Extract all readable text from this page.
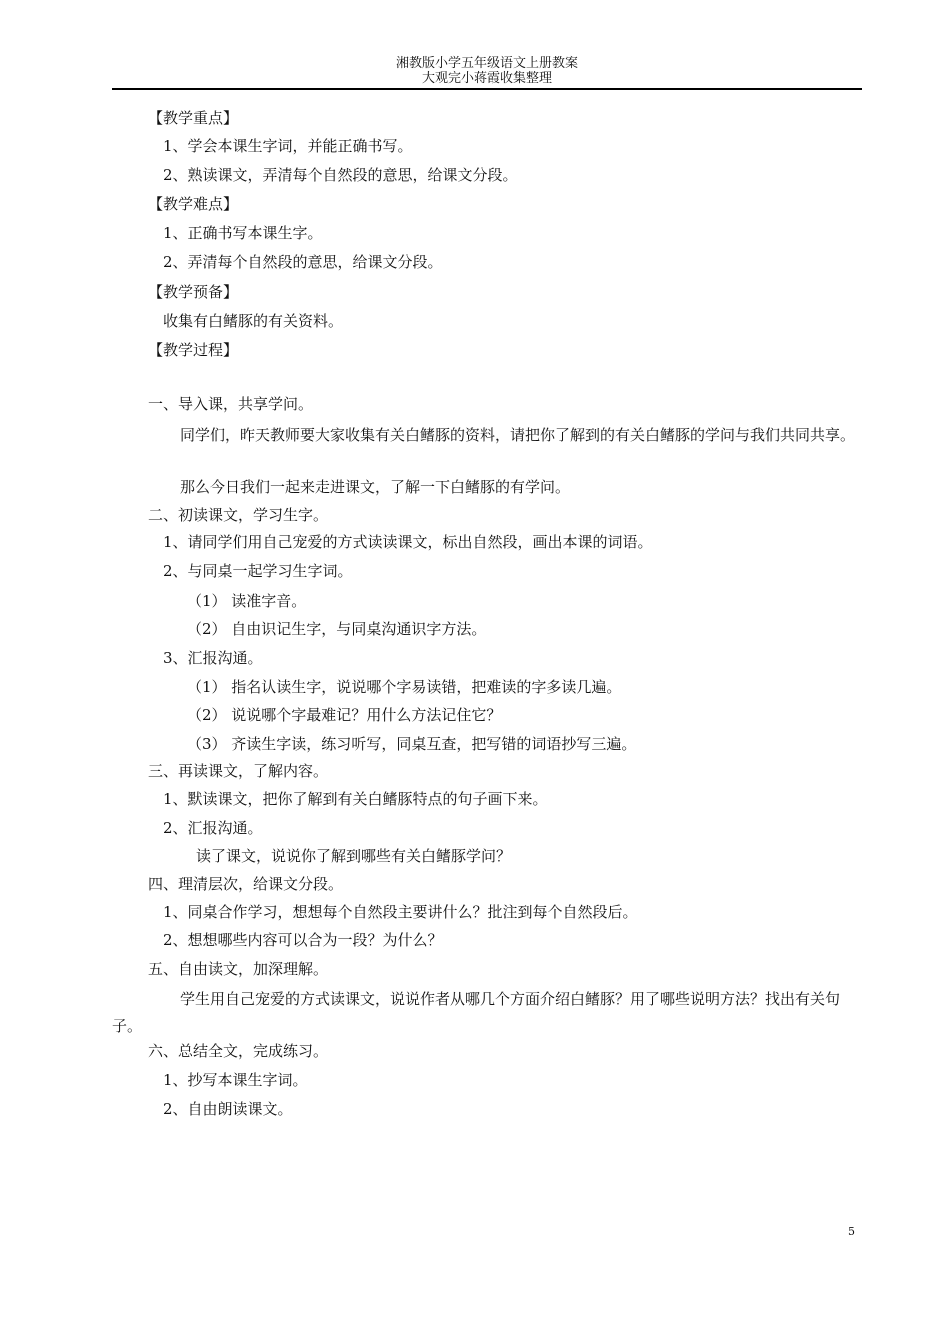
湘教版小学五年级语文上册教案
大观完小蒋霞收集整理
【教学重点】
1、学会本课生字词，并能正确书写。
2、熟读课文，弄清每个自然段的意思，给课文分段。
【教学难点】
1、正确书写本课生字。
2、弄清每个自然段的意思，给课文分段。
【教学预备】
收集有白鳍豚的有关资料。
【教学过程】
一、导入课，共享学问。
同学们，昨天教师要大家收集有关白鳍豚的资料，请把你了解到的有关白鳍豚的学问与我们共同共享。
那么今日我们一起来走进课文，了解一下白鳍豚的有学问。
二、初读课文，学习生字。
1、请同学们用自己宠爱的方式读读课文，标出自然段，画出本课的词语。
2、与同桌一起学习生字词。
（1） 读准字音。
（2） 自由识记生字，与同桌沟通识字方法。
3、汇报沟通。
（1） 指名认读生字，说说哪个字易读错，把难读的字多读几遍。
（2） 说说哪个字最难记？用什么方法记住它？
（3） 齐读生字读，练习听写，同桌互查，把写错的词语抄写三遍。
三、再读课文，了解内容。
1、默读课文，把你了解到有关白鳍豚特点的句子画下来。
2、汇报沟通。
读了课文，说说你了解到哪些有关白鳍豚学问？
四、理清层次，给课文分段。
1、同桌合作学习，想想每个自然段主要讲什么？批注到每个自然段后。
2、想想哪些内容可以合为一段？为什么？
五、自由读文，加深理解。
学生用自己宠爱的方式读课文，说说作者从哪几个方面介绍白鳍豚？用了哪些说明方法？找出有关句子。
六、总结全文，完成练习。
1、抄写本课生字词。
2、自由朗读课文。
5
